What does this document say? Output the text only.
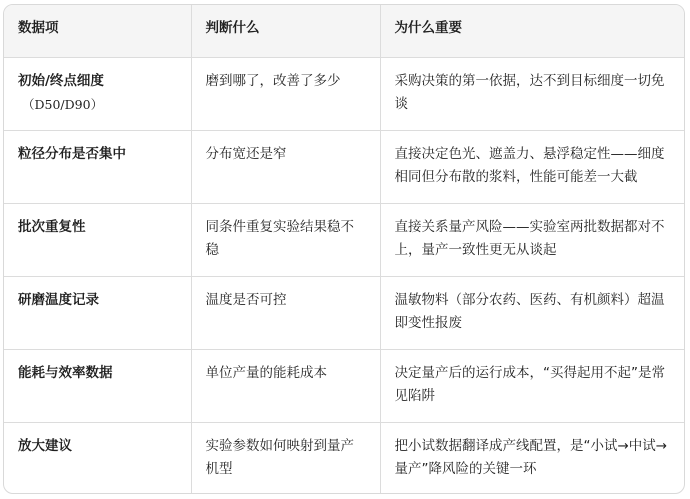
数据项	判断什么	为什么重要
初始/终点细度
（D50/D90）	磨到哪了，改善了多少	采购决策的第一依据，达不到目标细度一切免谈
粒径分布是否集中	分布宽还是窄	直接决定色光、遮盖力、悬浮稳定性——细度相同但分布散的浆料，性能可能差一大截
批次重复性	同条件重复实验结果稳不稳	直接关系量产风险——实验室两批数据都对不上，量产一致性更无从谈起
研磨温度记录	温度是否可控	温敏物料（部分农药、医药、有机颜料）超温即变性报废
能耗与效率数据	单位产量的能耗成本	决定量产后的运行成本，“买得起用不起”是常见陷阱
放大建议	实验参数如何映射到量产机型	把小试数据翻译成产线配置，是“小试→中试→量产”降风险的关键一环
